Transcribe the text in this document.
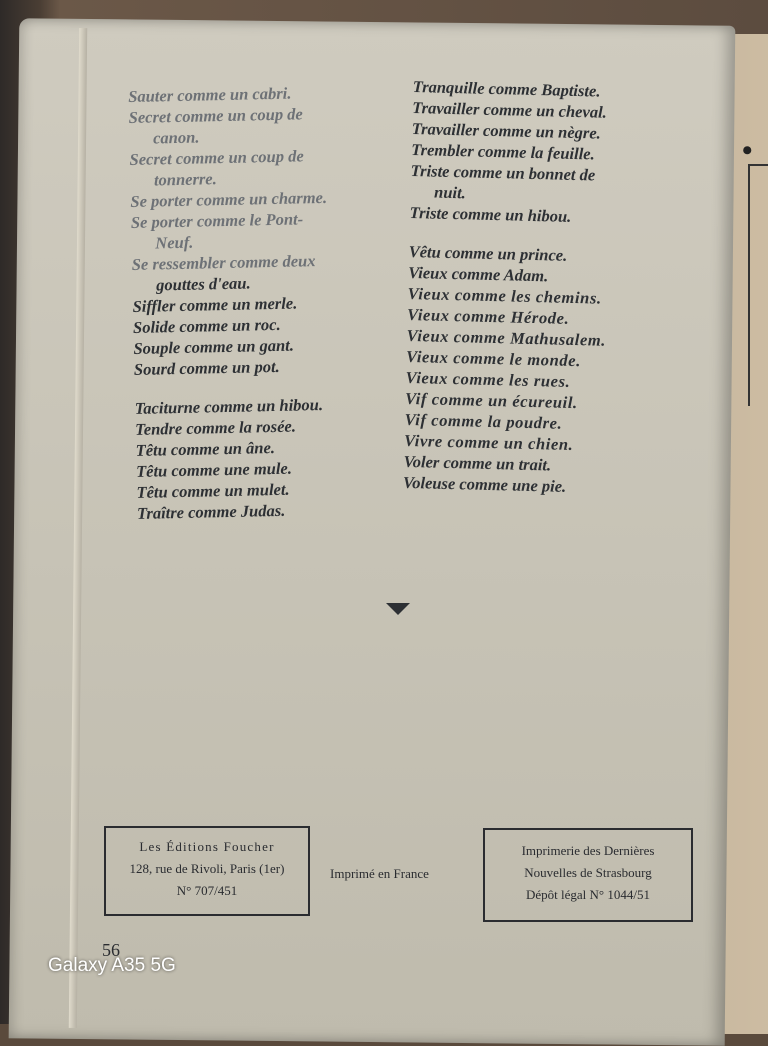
•
Sauter comme un cabri.
Secret comme un coup de
canon.
Secret comme un coup de
tonnerre.
Se porter comme un charme.
Se porter comme le Pont-
Neuf.
Se ressembler comme deux
gouttes d'eau.
Siffler comme un merle.
Solide comme un roc.
Souple comme un gant.
Sourd comme un pot.
Taciturne comme un hibou.
Tendre comme la rosée.
Têtu comme un âne.
Têtu comme une mule.
Têtu comme un mulet.
Traître comme Judas.
Tranquille comme Baptiste.
Travailler comme un cheval.
Travailler comme un nègre.
Trembler comme la feuille.
Triste comme un bonnet de
nuit.
Triste comme un hibou.
Vêtu comme un prince.
Vieux comme Adam.
Vieux comme les chemins.
Vieux comme Hérode.
Vieux comme Mathusalem.
Vieux comme le monde.
Vieux comme les rues.
Vif comme un écureuil.
Vif comme la poudre.
Vivre comme un chien.
Voler comme un trait.
Voleuse comme une pie.
Les Éditions Foucher
128, rue de Rivoli, Paris (1er)
N° 707/451
Imprimé en France
Imprimerie des Dernières
Nouvelles de Strasbourg
Dépôt légal N° 1044/51
56
Galaxy A35 5G
